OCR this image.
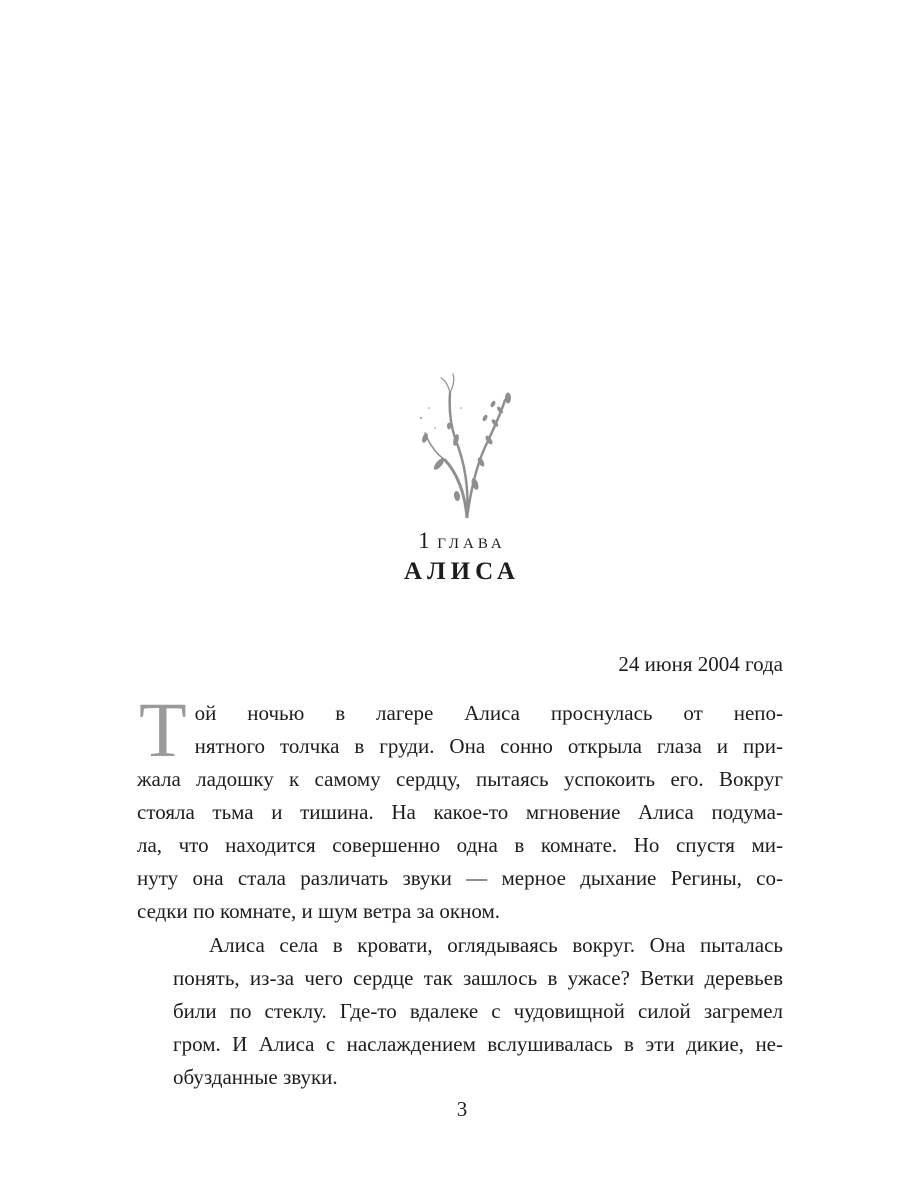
1 глава
АЛИСА
24 июня 2004 года

Т ой ночью в лагере Алиса проснулась от непо-
нятного толчка в груди. Она сонно открыла глаза и при-
жала ладошку к самому сердцу, пытаясь успокоить его. Вокруг
стояла тьма и тишина. На какое-то мгновение Алиса подума-
ла, что находится совершенно одна в комнате. Но спустя ми-
нуту она стала различать звуки — мерное дыхание Регины, со-
седки по комнате, и шум ветра за окном.

Алиса села в кровати, оглядываясь вокруг. Она пыталась
понять, из-за чего сердце так зашлось в ужасе? Ветки деревьев
били по стеклу. Где-то вдалеке с чудовищной силой загремел
гром. И Алиса с наслаждением вслушивалась в эти дикие, не-
обузданные звуки.

3
